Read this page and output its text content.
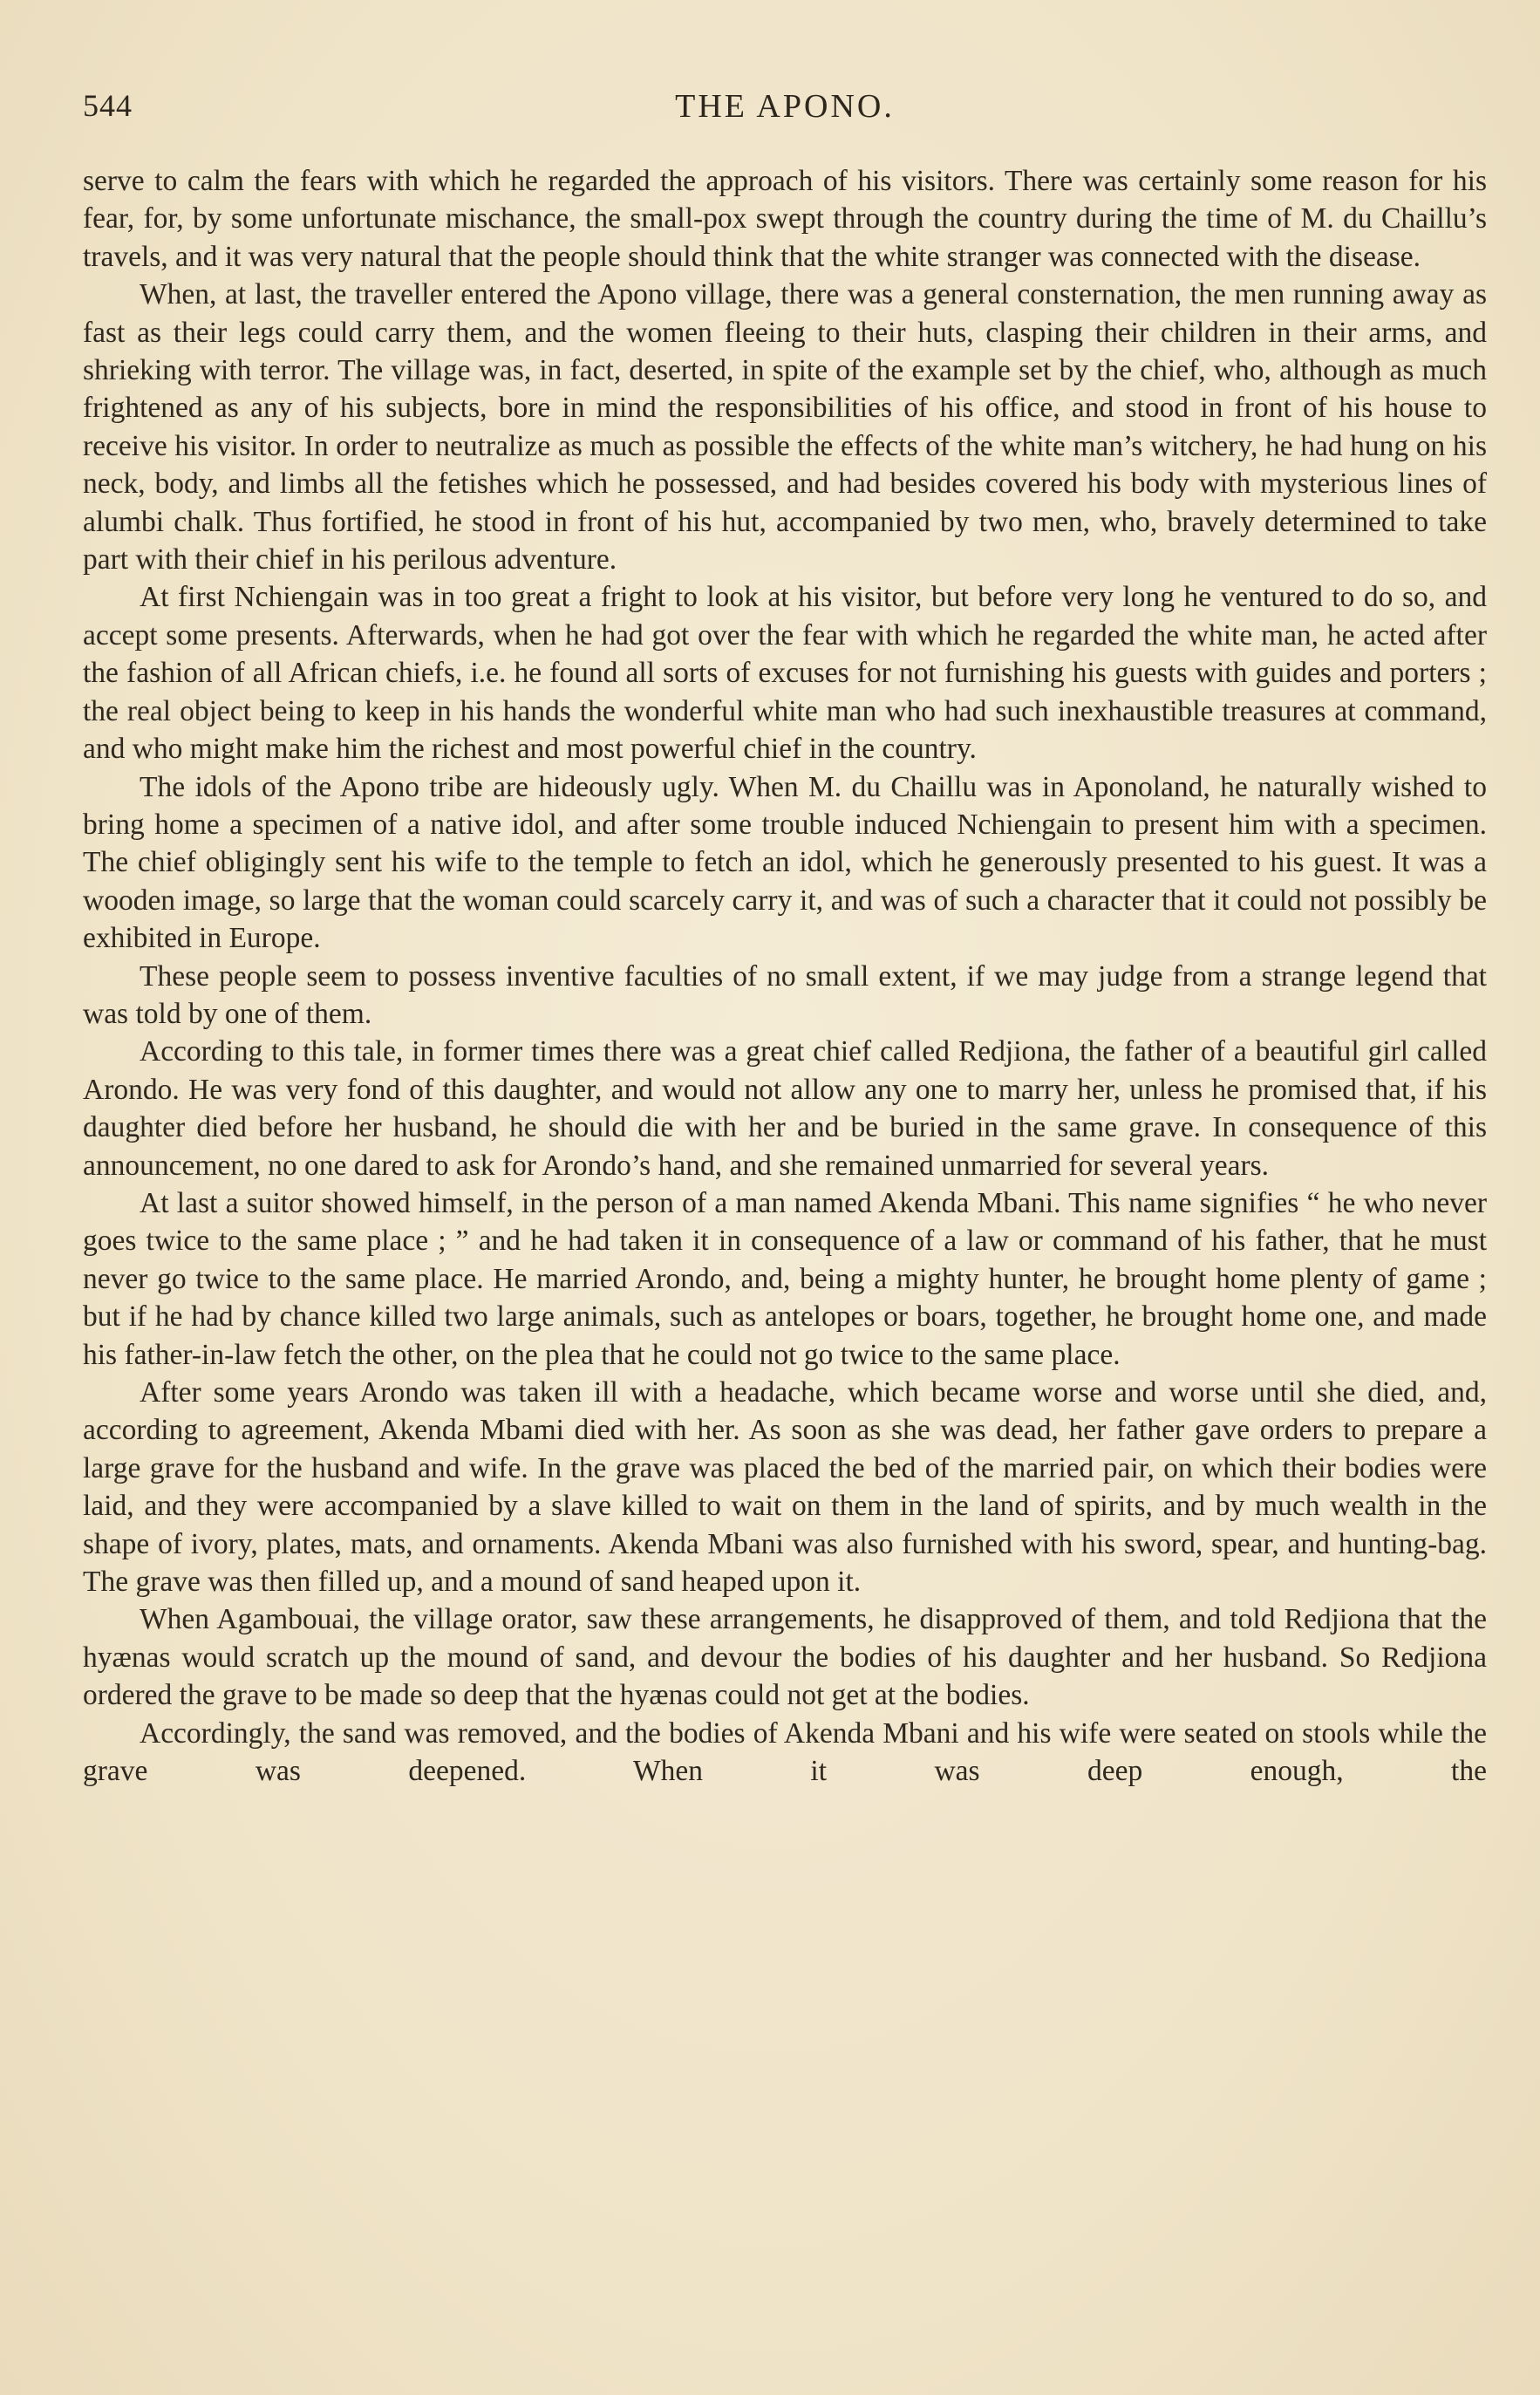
544	THE APONO.

serve to calm the fears with which he regarded the approach of his visitors. There was certainly some reason for his fear, for, by some unfortunate mischance, the small-pox swept through the country during the time of M. du Chaillu’s travels, and it was very natural that the people should think that the white stranger was connected with the disease.

When, at last, the traveller entered the Apono village, there was a general consternation, the men running away as fast as their legs could carry them, and the women fleeing to their huts, clasping their children in their arms, and shrieking with terror. The village was, in fact, deserted, in spite of the example set by the chief, who, although as much frightened as any of his subjects, bore in mind the responsibilities of his office, and stood in front of his house to receive his visitor. In order to neutralize as much as possible the effects of the white man’s witchery, he had hung on his neck, body, and limbs all the fetishes which he possessed, and had besides covered his body with mysterious lines of alumbi chalk. Thus fortified, he stood in front of his hut, accompanied by two men, who, bravely determined to take part with their chief in his perilous adventure.

At first Nchiengain was in too great a fright to look at his visitor, but before very long he ventured to do so, and accept some presents. Afterwards, when he had got over the fear with which he regarded the white man, he acted after the fashion of all African chiefs, i.e. he found all sorts of excuses for not furnishing his guests with guides and porters ; the real object being to keep in his hands the wonderful white man who had such inexhaustible treasures at command, and who might make him the richest and most powerful chief in the country.

The idols of the Apono tribe are hideously ugly. When M. du Chaillu was in Aponoland, he naturally wished to bring home a specimen of a native idol, and after some trouble induced Nchiengain to present him with a specimen. The chief obligingly sent his wife to the temple to fetch an idol, which he generously presented to his guest. It was a wooden image, so large that the woman could scarcely carry it, and was of such a character that it could not possibly be exhibited in Europe.

These people seem to possess inventive faculties of no small extent, if we may judge from a strange legend that was told by one of them.

According to this tale, in former times there was a great chief called Redjiona, the father of a beautiful girl called Arondo. He was very fond of this daughter, and would not allow any one to marry her, unless he promised that, if his daughter died before her husband, he should die with her and be buried in the same grave. In consequence of this announcement, no one dared to ask for Arondo’s hand, and she remained unmarried for several years.

At last a suitor showed himself, in the person of a man named Akenda Mbani. This name signifies “ he who never goes twice to the same place ; ” and he had taken it in consequence of a law or command of his father, that he must never go twice to the same place. He married Arondo, and, being a mighty hunter, he brought home plenty of game ; but if he had by chance killed two large animals, such as antelopes or boars, together, he brought home one, and made his father-in-law fetch the other, on the plea that he could not go twice to the same place.

After some years Arondo was taken ill with a headache, which became worse and worse until she died, and, according to agreement, Akenda Mbami died with her. As soon as she was dead, her father gave orders to prepare a large grave for the husband and wife. In the grave was placed the bed of the married pair, on which their bodies were laid, and they were accompanied by a slave killed to wait on them in the land of spirits, and by much wealth in the shape of ivory, plates, mats, and ornaments. Akenda Mbani was also furnished with his sword, spear, and hunting-bag. The grave was then filled up, and a mound of sand heaped upon it.

When Agambouai, the village orator, saw these arrangements, he disapproved of them, and told Redjiona that the hyænas would scratch up the mound of sand, and devour the bodies of his daughter and her husband. So Redjiona ordered the grave to be made so deep that the hyænas could not get at the bodies.

Accordingly, the sand was removed, and the bodies of Akenda Mbani and his wife were seated on stools while the grave was deepened. When it was deep enough, the
